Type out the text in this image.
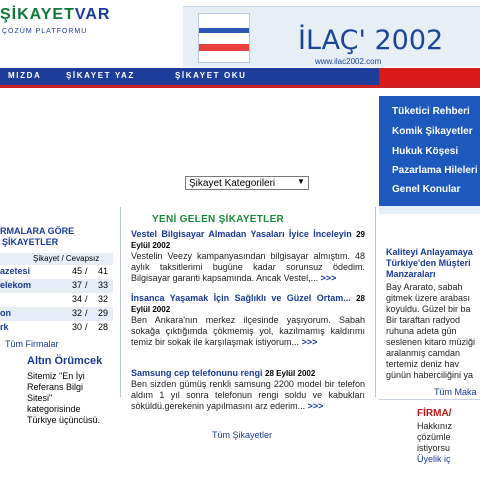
ŞİKAYETVAR
ÇÖZÜM PLATFORMU	İLAÇ' 2002
www.ilac2002.com
MIZDA	ŞİKAYET YAZ	ŞİKAYET OKU
Tüketici Rehberi
Komik Şikayetler
Hukuk Köşesi
Pazarlama Hileleri
Genel Konular
Şikayet Kategorileri	▼
RMALARA GÖRE
ŞİKAYETLER
Şikayet / Cevapsız
azetesi	45 /	41
elekom	37 /	33
34 /	32
on	32 /	29
rk	30 /	28
Tüm Firmalar
Altın Örümcek
Sitemiz "En İyi Referans Bilgi Sitesi" kategorisinde Türkiye üçüncüsü.
YENİ GELEN ŞİKAYETLER
Vestel Bilgisayar Almadan Yasaları İyice İnceleyin 29 Eylül 2002
Vestelin Veezy kampanyasından bilgisayar almıştım. 48 aylık taksitlerimi bugüne kadar sorunsuz ödedim. Bilgisayar garanti kapsamında. Ancak Vestel,... >>>
İnsanca Yaşamak İçin Sağlıklı ve Güzel Ortam... 28 Eylül 2002
Ben Ankara'nın merkez ilçesinde yaşıyorum. Sabah sokağa çıktığımda çökmemiş yol, kazılmamış kaldırımı temiz bir sokak ile karşılaşmak istiyorum... >>>
Samsung cep telefonunu rengi 28 Eylül 2002
Ben sizden gümüş renkli samsung 2200 model bir telefon aldım 1 yıl sonra telefonun rengi soldu ve kabukları söküldü.gerekenin yapılmasını arz ederim... >>>
Tüm Şikayetler
Kaliteyi Anlayamaya
Türkiye'den Müşteri
Manzaraları
Bay Ararato, sabah
gitmek üzere arabası
koyuldu. Güzel bir ba
Bir taraftan radyod
ruhuna adeta gün
seslenen kitaro müziği
aralanmış camdan
tertemiz deniz hav
günün haberciliğini ya
Tüm Maka
FİRMA/
Hakkınız
çözümle
istiyorsu
Üyelik iç
